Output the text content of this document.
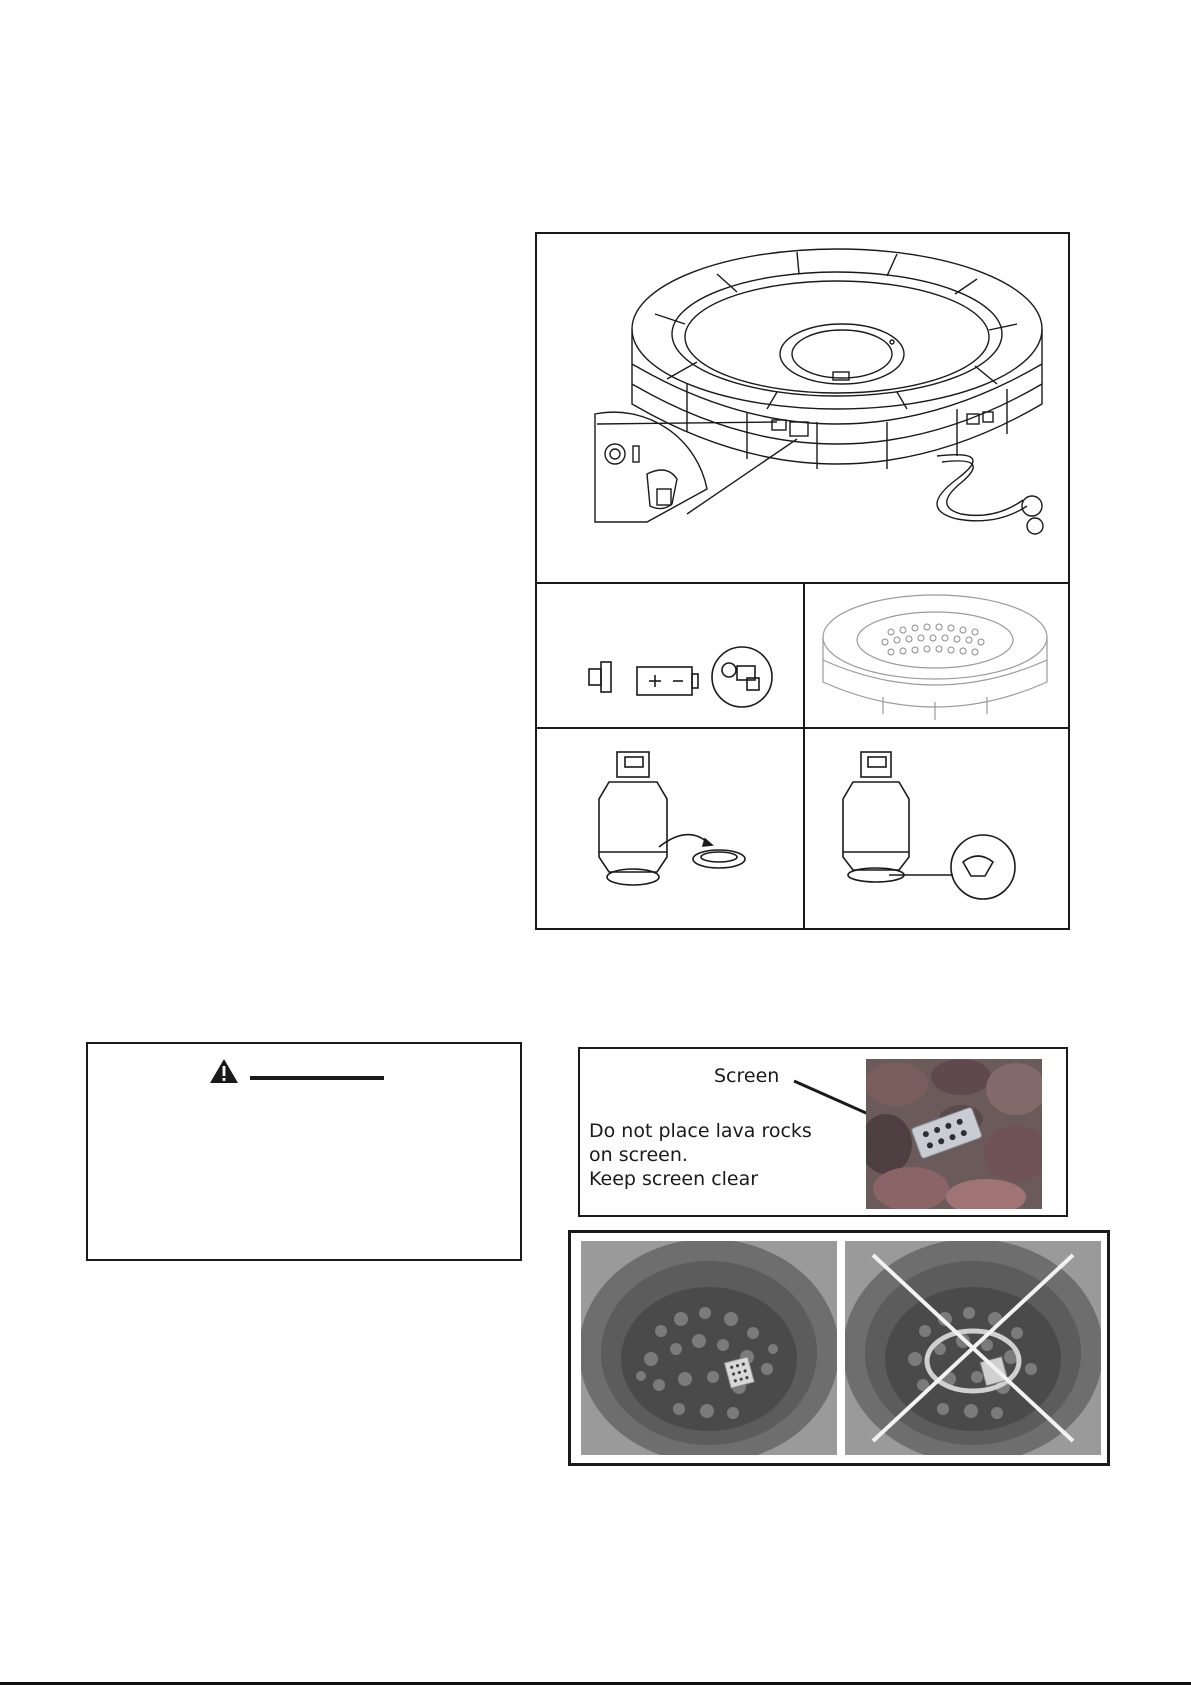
Screen
Do not place lava rocks
on screen.
Keep screen clear
